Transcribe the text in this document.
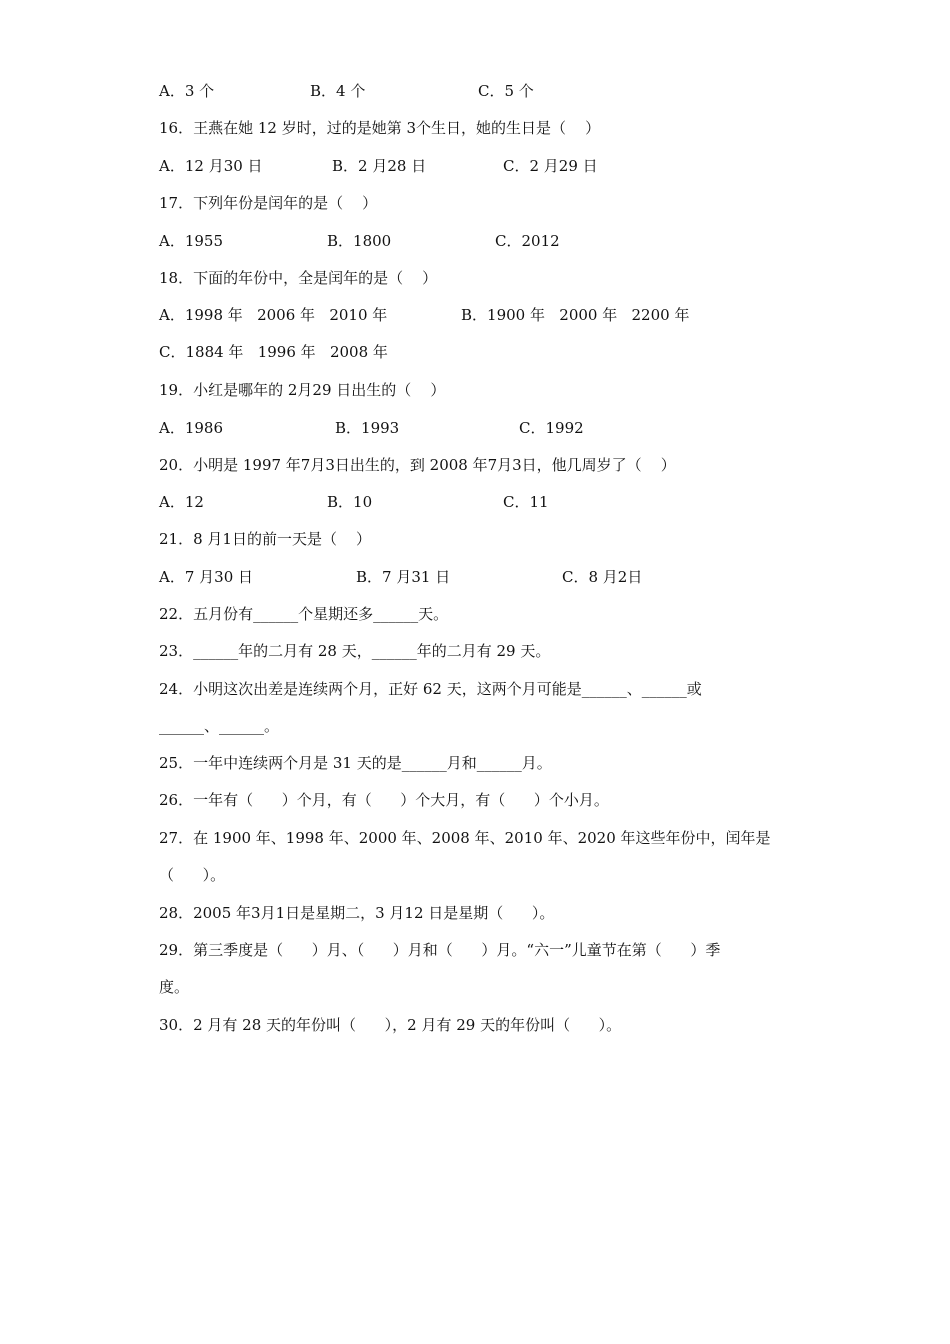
A．3 个	B．4 个	C．5 个
16．王燕在她 12 岁时，过的是她第 3个生日，她的生日是（    ）
A．12 月30 日	B．2 月28 日	C．2 月29 日
17．下列年份是闰年的是（    ）
A．1955	B．1800	C．2012
18．下面的年份中，全是闰年的是（    ）
A．1998 年   2006 年   2010 年	B．1900 年   2000 年   2200 年
C．1884 年   1996 年   2008 年
19．小红是哪年的 2月29 日出生的（    ）
A．1986	B．1993	C．1992
20．小明是 1997 年7月3日出生的，到 2008 年7月3日，他几周岁了（    ）
A．12	B．10	C．11
21．8 月1日的前一天是（    ）
A．7 月30 日	B．7 月31 日	C．8 月2日
22．五月份有______个星期还多______天。
23．______年的二月有 28 天，______年的二月有 29 天。
24．小明这次出差是连续两个月，正好 62 天，这两个月可能是______、______或
______、______。
25．一年中连续两个月是 31 天的是______月和______月。
26．一年有（      ）个月，有（      ）个大月，有（      ）个小月。
27．在 1900 年、1998 年、2000 年、2008 年、2010 年、2020 年这些年份中，闰年是
（      ）。
28．2005 年3月1日是星期二，3 月12 日是星期（      ）。
29．第三季度是（      ）月、（      ）月和（      ）月。“六一”儿童节在第（      ）季
度。
30．2 月有 28 天的年份叫（      ），2 月有 29 天的年份叫（      ）。
